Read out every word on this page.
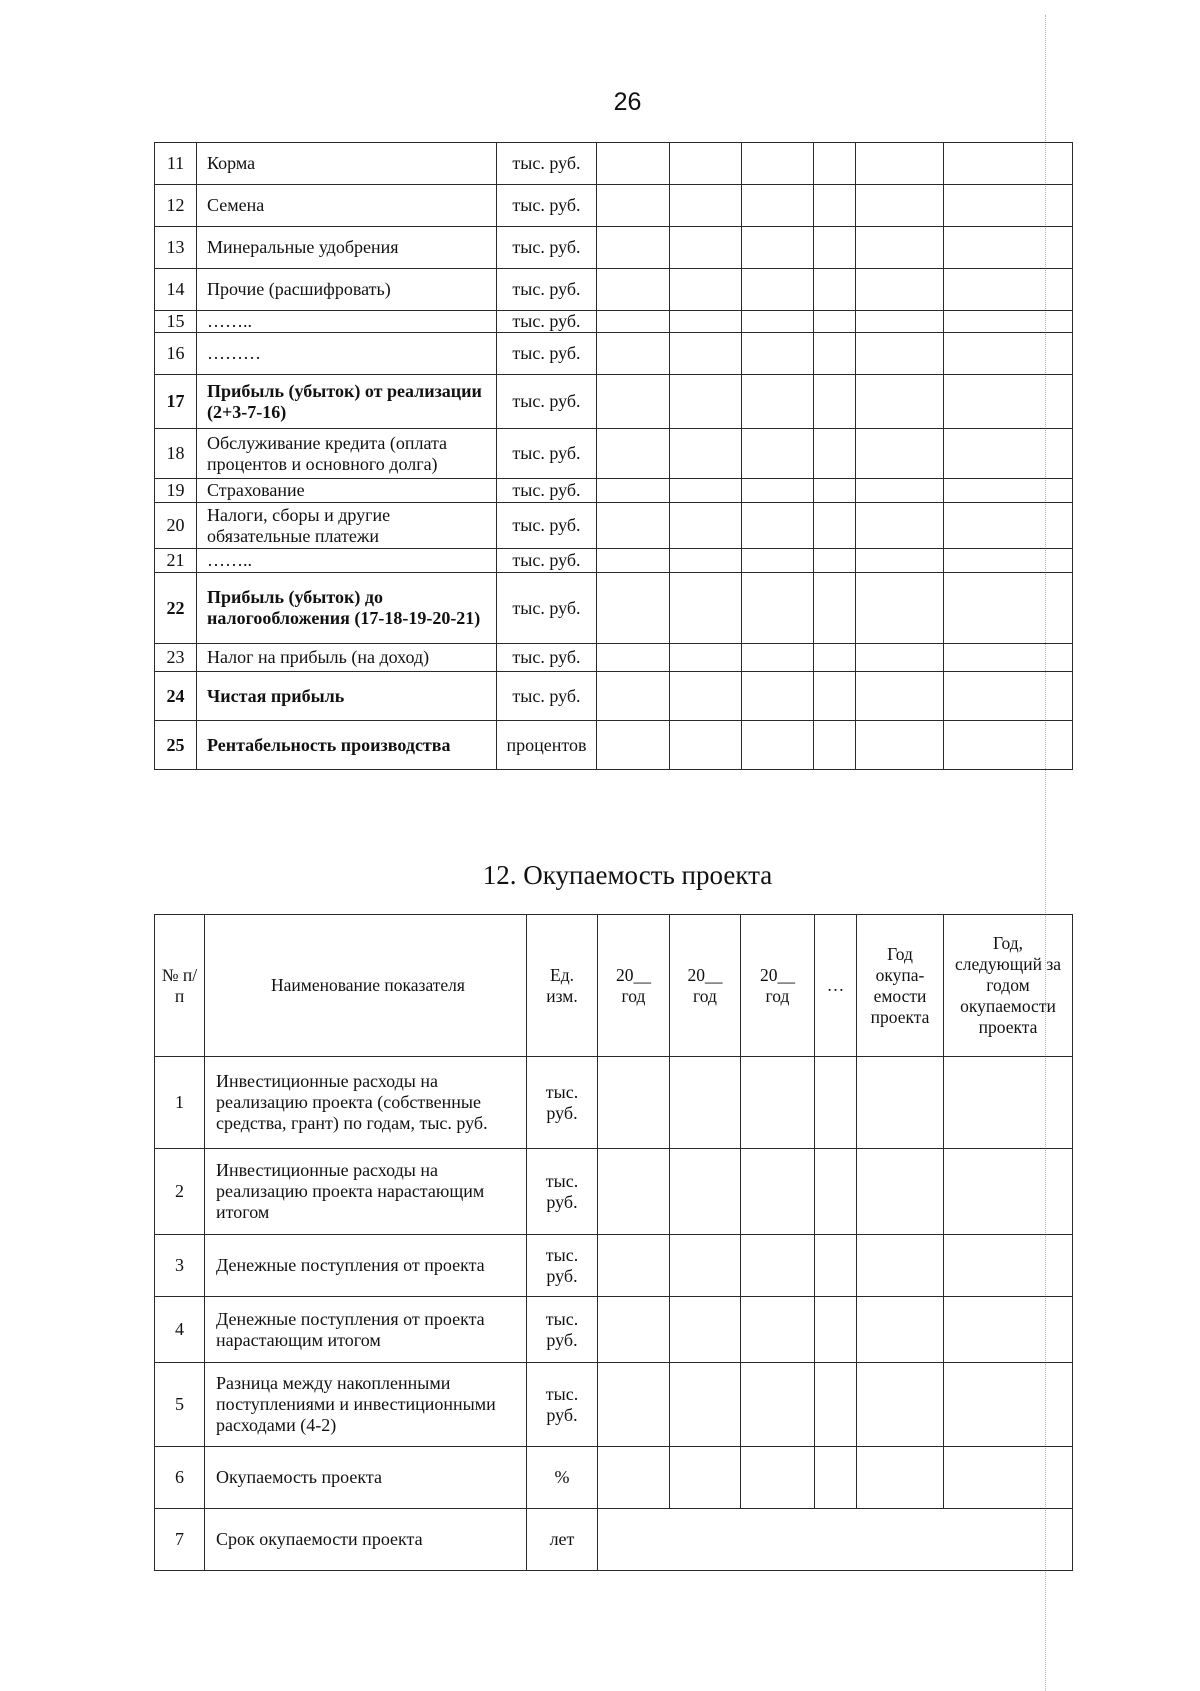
26
11	Корма	тыс. руб.						
12	Семена	тыс. руб.						
13	Минеральные удобрения	тыс. руб.						
14	Прочие (расшифровать)	тыс. руб.						
15	……..	тыс. руб.						
16	………	тыс. руб.						
17	Прибыль (убыток) от реализации (2+3-7-16)	тыс. руб.						
18	Обслуживание кредита (оплата процентов и основного долга)	тыс. руб.						
19	Страхование	тыс. руб.						
20	Налоги, сборы и другие обязательные платежи	тыс. руб.						
21	……..	тыс. руб.						
22	Прибыль (убыток) до налогообложения (17-18-19-20-21)	тыс. руб.						
23	Налог на прибыль (на доход)	тыс. руб.						
24	Чистая прибыль	тыс. руб.						
25	Рентабельность производства	процентов						
12. Окупаемость проекта
№ п/п	Наименование показателя	Ед. изм.	20__ год	20__ год	20__ год	…	Год окупа-емости проекта	Год, следующий за годом окупаемости проекта
1	Инвестиционные расходы на реализацию проекта (собственные средства, грант) по годам, тыс. руб.	тыс. руб.						
2	Инвестиционные расходы на реализацию проекта нарастающим итогом	тыс. руб.						
3	Денежные поступления от проекта	тыс. руб.						
4	Денежные поступления от проекта нарастающим итогом	тыс. руб.						
5	Разница между накопленными поступлениями и инвестиционными расходами (4-2)	тыс. руб.						
6	Окупаемость проекта	%						
7	Срок окупаемости проекта	лет						
